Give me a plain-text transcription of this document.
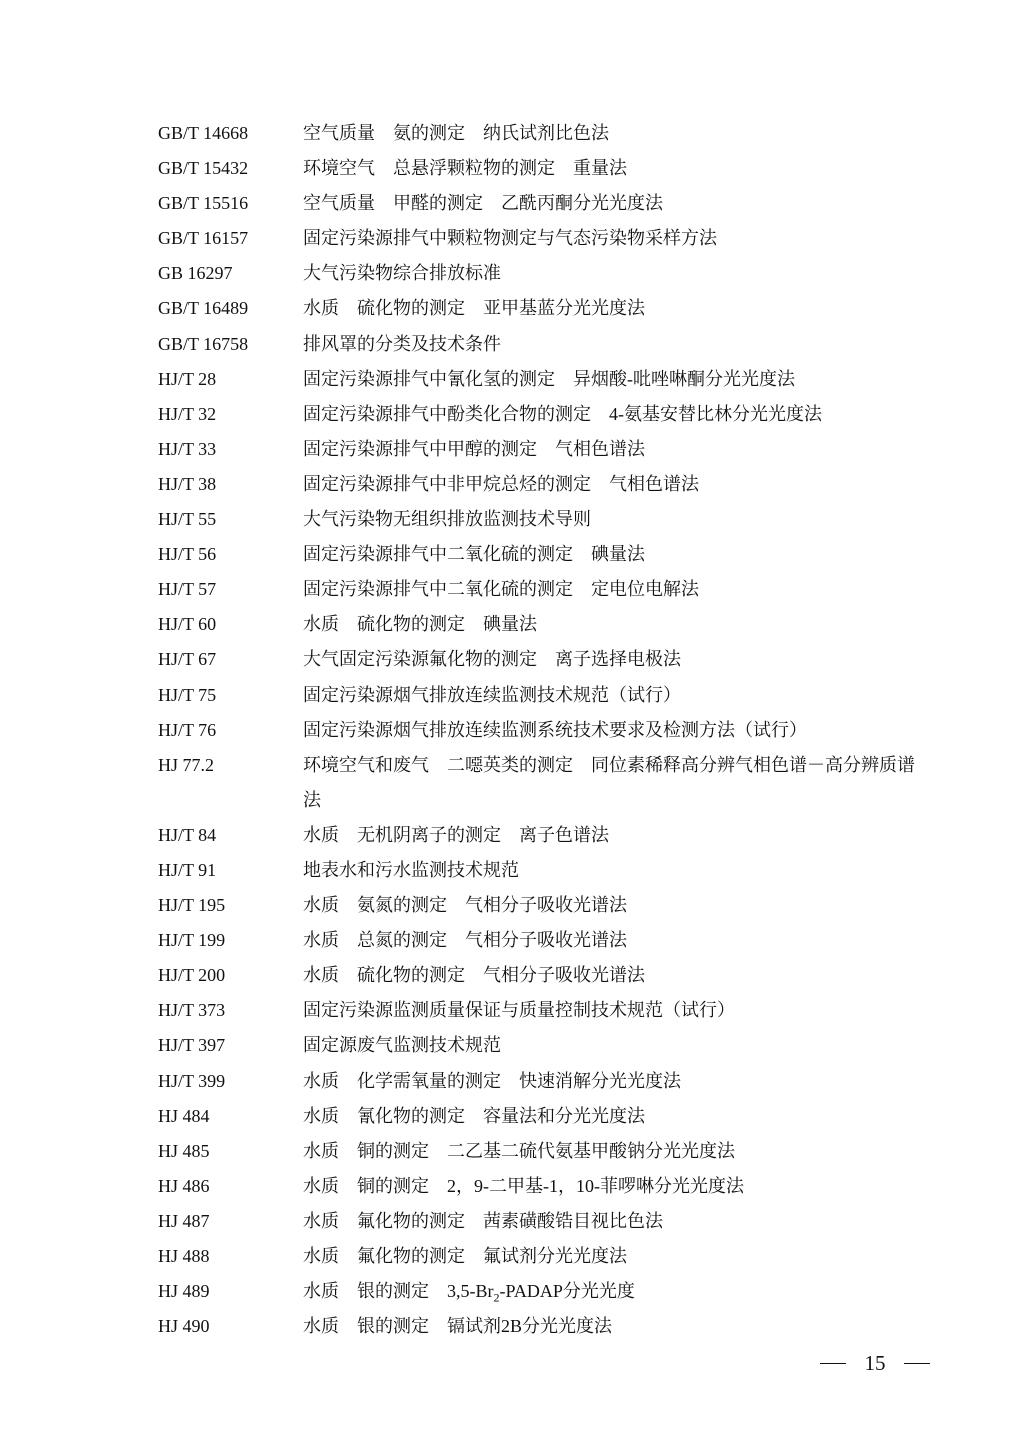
GB/T 14668	空气质量　氨的测定　纳氏试剂比色法
GB/T 15432	环境空气　总悬浮颗粒物的测定　重量法
GB/T 15516	空气质量　甲醛的测定　乙酰丙酮分光光度法
GB/T 16157	固定污染源排气中颗粒物测定与气态污染物采样方法
GB 16297	大气污染物综合排放标准
GB/T 16489	水质　硫化物的测定　亚甲基蓝分光光度法
GB/T 16758	排风罩的分类及技术条件
HJ/T 28	固定污染源排气中氰化氢的测定　异烟酸-吡唑啉酮分光光度法
HJ/T 32	固定污染源排气中酚类化合物的测定　4-氨基安替比林分光光度法
HJ/T 33	固定污染源排气中甲醇的测定　气相色谱法
HJ/T 38	固定污染源排气中非甲烷总烃的测定　气相色谱法
HJ/T 55	大气污染物无组织排放监测技术导则
HJ/T 56	固定污染源排气中二氧化硫的测定　碘量法
HJ/T 57	固定污染源排气中二氧化硫的测定　定电位电解法
HJ/T 60	水质　硫化物的测定　碘量法
HJ/T 67	大气固定污染源氟化物的测定　离子选择电极法
HJ/T 75	固定污染源烟气排放连续监测技术规范（试行）
HJ/T 76	固定污染源烟气排放连续监测系统技术要求及检测方法（试行）
HJ 77.2	环境空气和废气　二噁英类的测定　同位素稀释高分辨气相色谱－高分辨质谱
法
HJ/T 84	水质　无机阴离子的测定　离子色谱法
HJ/T 91	地表水和污水监测技术规范
HJ/T 195	水质　氨氮的测定　气相分子吸收光谱法
HJ/T 199	水质　总氮的测定　气相分子吸收光谱法
HJ/T 200	水质　硫化物的测定　气相分子吸收光谱法
HJ/T 373	固定污染源监测质量保证与质量控制技术规范（试行）
HJ/T 397	固定源废气监测技术规范
HJ/T 399	水质　化学需氧量的测定　快速消解分光光度法
HJ 484	水质　氰化物的测定　容量法和分光光度法
HJ 485	水质　铜的测定　二乙基二硫代氨基甲酸钠分光光度法
HJ 486	水质　铜的测定　2，9-二甲基-1，10-菲啰啉分光光度法
HJ 487	水质　氟化物的测定　茜素磺酸锆目视比色法
HJ 488	水质　氟化物的测定　氟试剂分光光度法
HJ 489	水质　银的测定　$3,5-Br_2$-PADAP分光光度
HJ 490	水质　银的测定　镉试剂2B分光光度法
15
